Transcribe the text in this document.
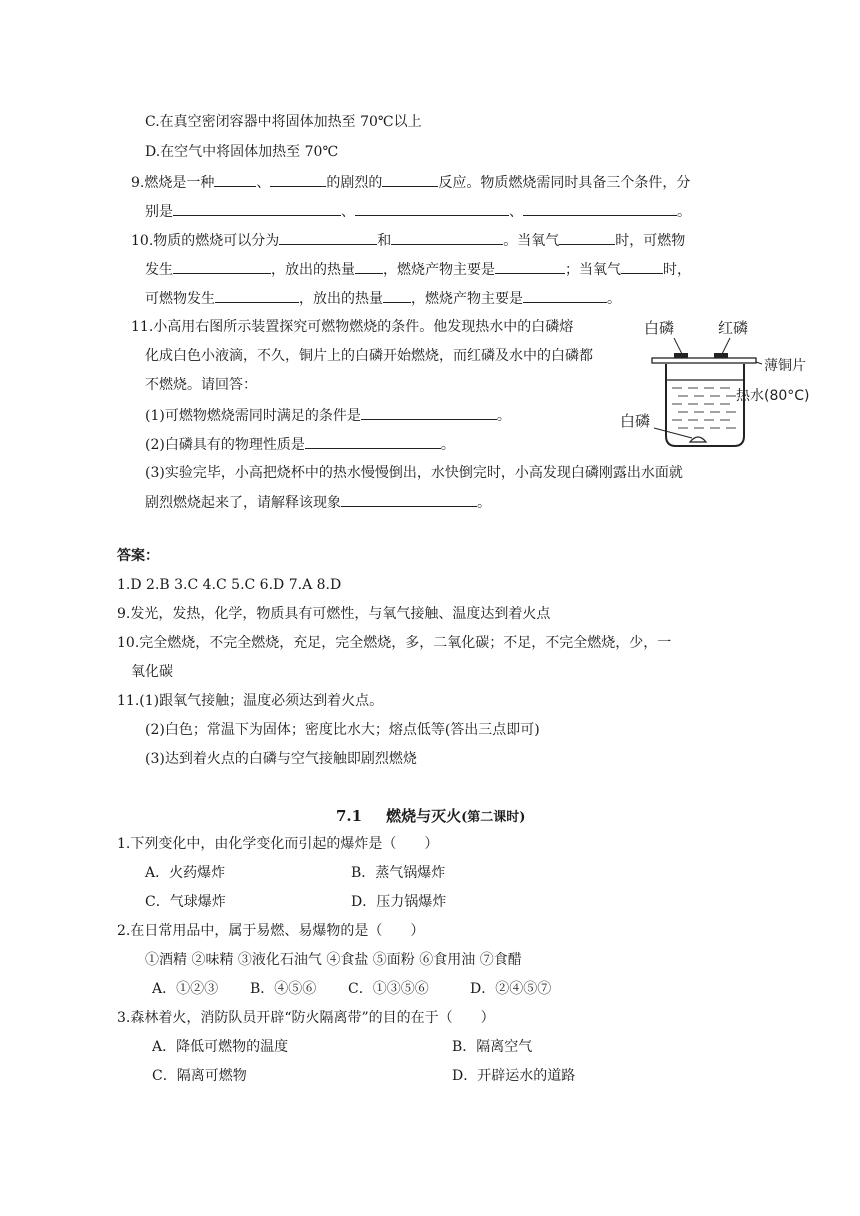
C.在真空密闭容器中将固体加热至 70℃以上
D.在空气中将固体加热至 70℃
9.燃烧是一种	、	的剧烈的	反应。物质燃烧需同时具备三个条件，分
别是	、	、	。
10.物质的燃烧可以分为	和	。当氧气	时，可燃物
发生	，放出的热量 ，燃烧产物主要是	；当氧气	时，
可燃物发生	，放出的热量 ，燃烧产物主要是	。
11.小高用右图所示装置探究可燃物燃烧的条件。他发现热水中的白磷熔
化成白色小液滴，不久，铜片上的白磷开始燃烧，而红磷及水中的白磷都
不燃烧。请回答：
(1)可燃物燃烧需同时满足的条件是	。
(2)白磷具有的物理性质是	。
(3)实验完毕，小高把烧杯中的热水慢慢倒出，水快倒完时，小高发现白磷刚露出水面就
剧烈燃烧起来了，请解释该现象	。
白磷	红磷
薄铜片
白磷
热水(80°C)
答案：
1.D 2.B 3.C 4.C 5.C 6.D 7.A 8.D
9.发光，发热，化学，物质具有可燃性，与氧气接触、温度达到着火点
10.完全燃烧，不完全燃烧，充足，完全燃烧，多，二氧化碳；不足，不完全燃烧，少，一
氧化碳
11.(1)跟氧气接触；温度必须达到着火点。
(2)白色；常温下为固体；密度比水大；熔点低等(答出三点即可)
(3)达到着火点的白磷与空气接触即剧烈燃烧
7.1 燃烧与灭火(第二课时)
1.下列变化中，由化学变化而引起的爆炸是（　　）
A．火药爆炸	B．蒸气锅爆炸
C．气球爆炸	D．压力锅爆炸
2.在日常用品中，属于易燃、易爆物的是（　　）
①酒精 ②味精 ③液化石油气 ④食盐 ⑤面粉 ⑥食用油 ⑦食醋
A．①②③ B．④⑤⑥ C．①③⑤⑥	D．②④⑤⑦
3.森林着火，消防队员开辟“防火隔离带”的目的在于（　　）
A．降低可燃物的温度	B．隔离空气
C．隔离可燃物	D．开辟运水的道路
